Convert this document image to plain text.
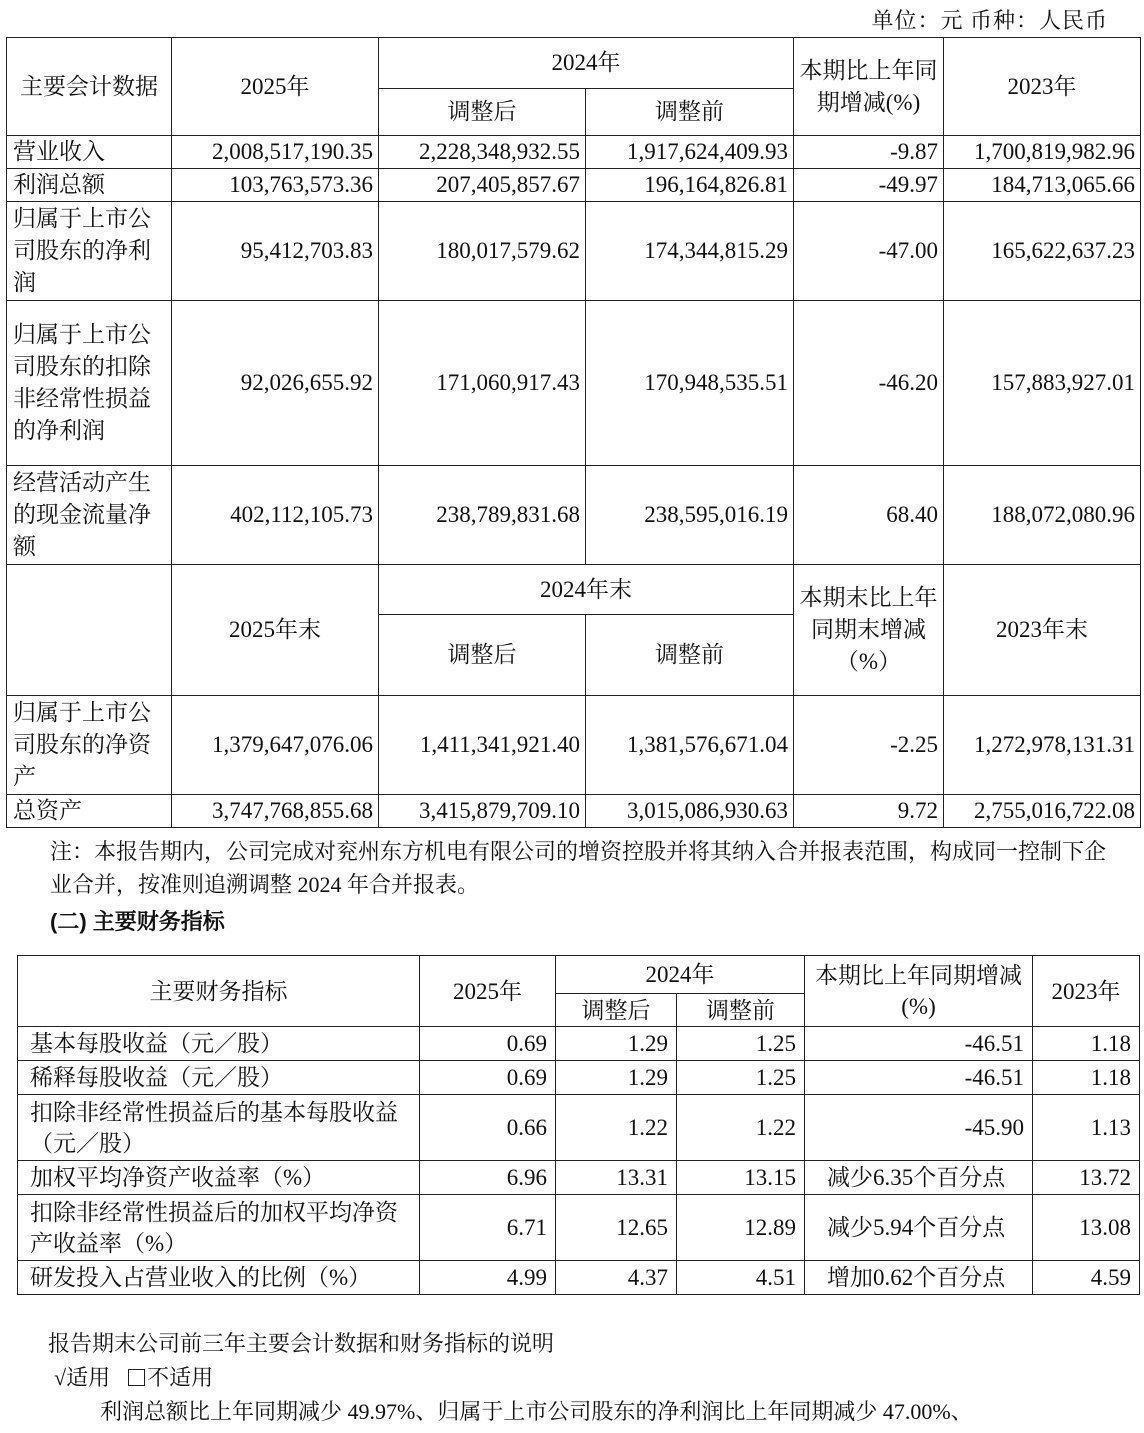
单位：元 币种：人民币
主要会计数据	2025年	2024年		本期比上年同期增减(%)	2023年
		调整后	调整前		
营业收入	2,008,517,190.35	2,228,348,932.55	1,917,624,409.93	-9.87	1,700,819,982.96
利润总额	103,763,573.36	207,405,857.67	196,164,826.81	-49.97	184,713,065.66
归属于上市公司股东的净利润	95,412,703.83	180,017,579.62	174,344,815.29	-47.00	165,622,637.23
归属于上市公司股东的扣除非经常性损益的净利润	92,026,655.92	171,060,917.43	170,948,535.51	-46.20	157,883,927.01
经营活动产生的现金流量净额	402,112,105.73	238,789,831.68	238,595,016.19	68.40	188,072,080.96
	2025年末	2024年末		本期末比上年同期末增减（%）	2023年末
		调整后	调整前		
归属于上市公司股东的净资产	1,379,647,076.06	1,411,341,921.40	1,381,576,671.04	-2.25	1,272,978,131.31
总资产	3,747,768,855.68	3,415,879,709.10	3,015,086,930.63	9.72	2,755,016,722.08
注：本报告期内，公司完成对兖州东方机电有限公司的增资控股并将其纳入合并报表范围，构成同一控制下企业合并，按准则追溯调整 2024 年合并报表。
(二) 主要财务指标
主要财务指标	2025年	2024年		本期比上年同期增减(%)	2023年
		调整后	调整前		
基本每股收益（元／股）	0.69	1.29	1.25	-46.51	1.18
稀释每股收益（元／股）	0.69	1.29	1.25	-46.51	1.18
扣除非经常性损益后的基本每股收益（元／股）	0.66	1.22	1.22	-45.90	1.13
加权平均净资产收益率（%）	6.96	13.31	13.15	减少6.35个百分点	13.72
扣除非经常性损益后的加权平均净资产收益率（%）	6.71	12.65	12.89	减少5.94个百分点	13.08
研发投入占营业收入的比例（%）	4.99	4.37	4.51	增加0.62个百分点	4.59
报告期末公司前三年主要会计数据和财务指标的说明
√适用 不适用
利润总额比上年同期减少 49.97%、归属于上市公司股东的净利润比上年同期减少 47.00%、
